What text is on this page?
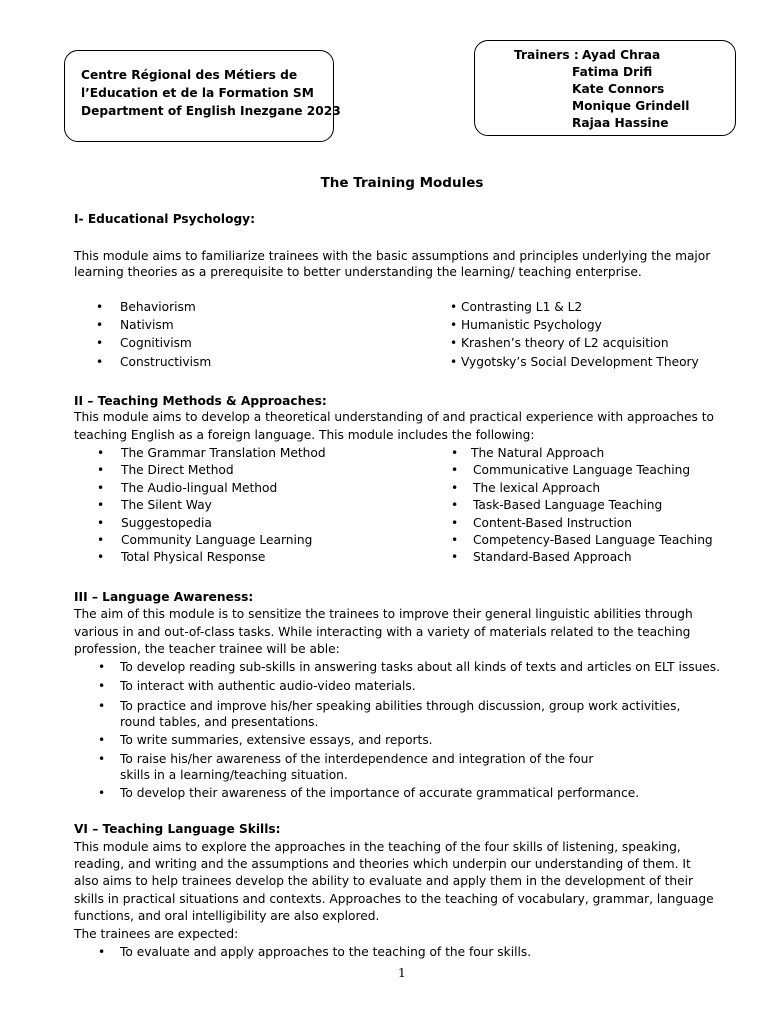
Centre Régional des Métiers de
l’Education et de la Formation SM
Department of English Inezgane 2023
Trainers : Ayad Chraa
Fatima Drifi
Kate Connors
Monique Grindell
Rajaa Hassine
The Training Modules
I- Educational Psychology:
This module aims to familiarize trainees with the basic assumptions and principles underlying the major
learning theories as a prerequisite to better understanding the learning/ teaching enterprise.
• Behaviorism
• Nativism
• Cognitivism
• Constructivism
• Contrasting L1 & L2
• Humanistic Psychology
• Krashen’s theory of L2 acquisition
• Vygotsky’s Social Development Theory
II – Teaching Methods & Approaches:
This module aims to develop a theoretical understanding of and practical experience with approaches to
teaching English as a foreign language. This module includes the following:
• The Grammar Translation Method
• The Direct Method
• The Audio-lingual Method
• The Silent Way
• Suggestopedia
• Community Language Learning
• Total Physical Response
• The Natural Approach
• Communicative Language Teaching
• The lexical Approach
• Task-Based Language Teaching
• Content-Based Instruction
• Competency-Based Language Teaching
• Standard-Based Approach
III – Language Awareness:
The aim of this module is to sensitize the trainees to improve their general linguistic abilities through
various in and out-of-class tasks. While interacting with a variety of materials related to the teaching
profession, the teacher trainee will be able:
• To develop reading sub-skills in answering tasks about all kinds of texts and articles on ELT issues.
• To interact with authentic audio-video materials.
• To practice and improve his/her speaking abilities through discussion, group work activities,
round tables, and presentations.
• To write summaries, extensive essays, and reports.
• To raise his/her awareness of the interdependence and integration of the four
skills in a learning/teaching situation.
• To develop their awareness of the importance of accurate grammatical performance.
VI – Teaching Language Skills:
This module aims to explore the approaches in the teaching of the four skills of listening, speaking,
reading, and writing and the assumptions and theories which underpin our understanding of them. It
also aims to help trainees develop the ability to evaluate and apply them in the development of their
skills in practical situations and contexts. Approaches to the teaching of vocabulary, grammar, language
functions, and oral intelligibility are also explored.
The trainees are expected:
• To evaluate and apply approaches to the teaching of the four skills.
1
